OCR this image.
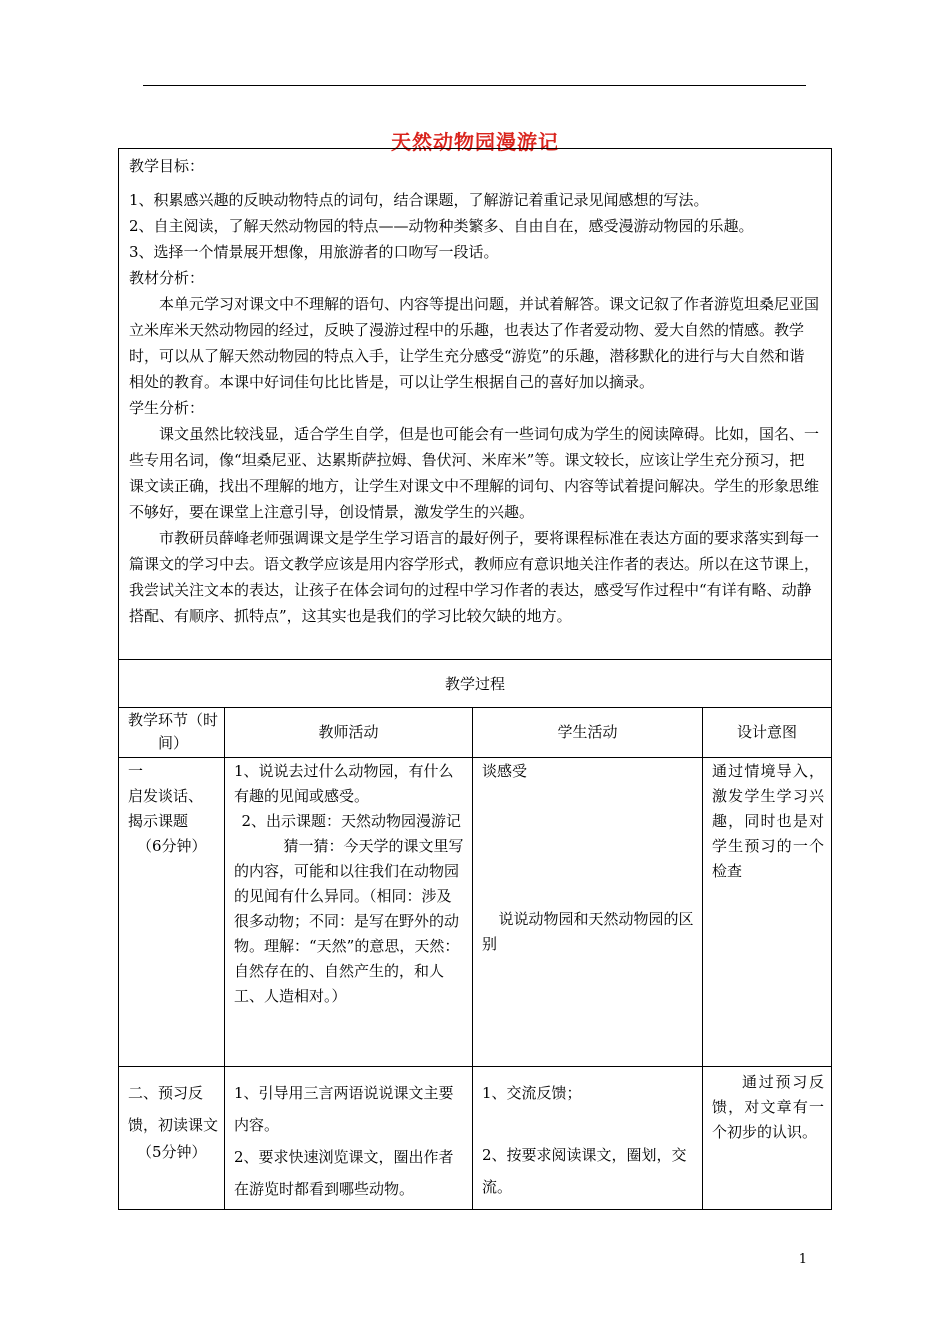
天然动物园漫游记

教学目标：

1、积累感兴趣的反映动物特点的词句，结合课题，了解游记着重记录见闻感想的写法。

2、自主阅读，了解天然动物园的特点——动物种类繁多、自由自在，感受漫游动物园的乐趣。

3、选择一个情景展开想像，用旅游者的口吻写一段话。

教材分析：

本单元学习对课文中不理解的语句、内容等提出问题，并试着解答。课文记叙了作者游览坦桑尼亚国立米库米天然动物园的经过，反映了漫游过程中的乐趣，也表达了作者爱动物、爱大自然的情感。教学时，可以从了解天然动物园的特点入手，让学生充分感受“游览”的乐趣，潜移默化的进行与大自然和谐相处的教育。本课中好词佳句比比皆是，可以让学生根据自己的喜好加以摘录。

学生分析：

课文虽然比较浅显，适合学生自学，但是也可能会有一些词句成为学生的阅读障碍。比如，国名、一些专用名词，像“坦桑尼亚、达累斯萨拉姆、鲁伏河、米库米”等。课文较长，应该让学生充分预习，把课文读正确，找出不理解的地方，让学生对课文中不理解的词句、内容等试着提问解决。学生的形象思维不够好，要在课堂上注意引导，创设情景，激发学生的兴趣。

市教研员薛峰老师强调课文是学生学习语言的最好例子，要将课程标准在表达方面的要求落实到每一篇课文的学习中去。语文教学应该是用内容学形式，教师应有意识地关注作者的表达。所以在这节课上，我尝试关注文本的表达，让孩子在体会词句的过程中学习作者的表达，感受写作过程中“有详有略、动静搭配、有顺序、抓特点”，这其实也是我们的学习比较欠缺的地方。

教学过程
教学环节（时间）
教师活动	学生活动	设计意图
一
启发谈话、
揭示课题
（6分钟）
1、说说去过什么动物园，有什么有趣的见闻或感受。
2、出示课题：天然动物园漫游记
猜一猜：今天学的课文里写的内容，可能和以往我们在动物园的见闻有什么异同。（相同：涉及很多动物；不同：是写在野外的动物。理解：“天然”的意思，天然：自然存在的、自然产生的，和人工、人造相对。）
谈感受
说说动物园和天然动物园的区别
通过情境导入，激发学生学习兴趣，同时也是对学生预习的一个检查
二、预习反馈，初读课文
（5分钟）
1、引导用三言两语说说课文主要内容。
2、要求快速浏览课文，圈出作者在游览时都看到哪些动物。
1、交流反馈；
2、按要求阅读课文，圈划，交流。
通过预习反馈，对文章有一个初步的认识。
1
